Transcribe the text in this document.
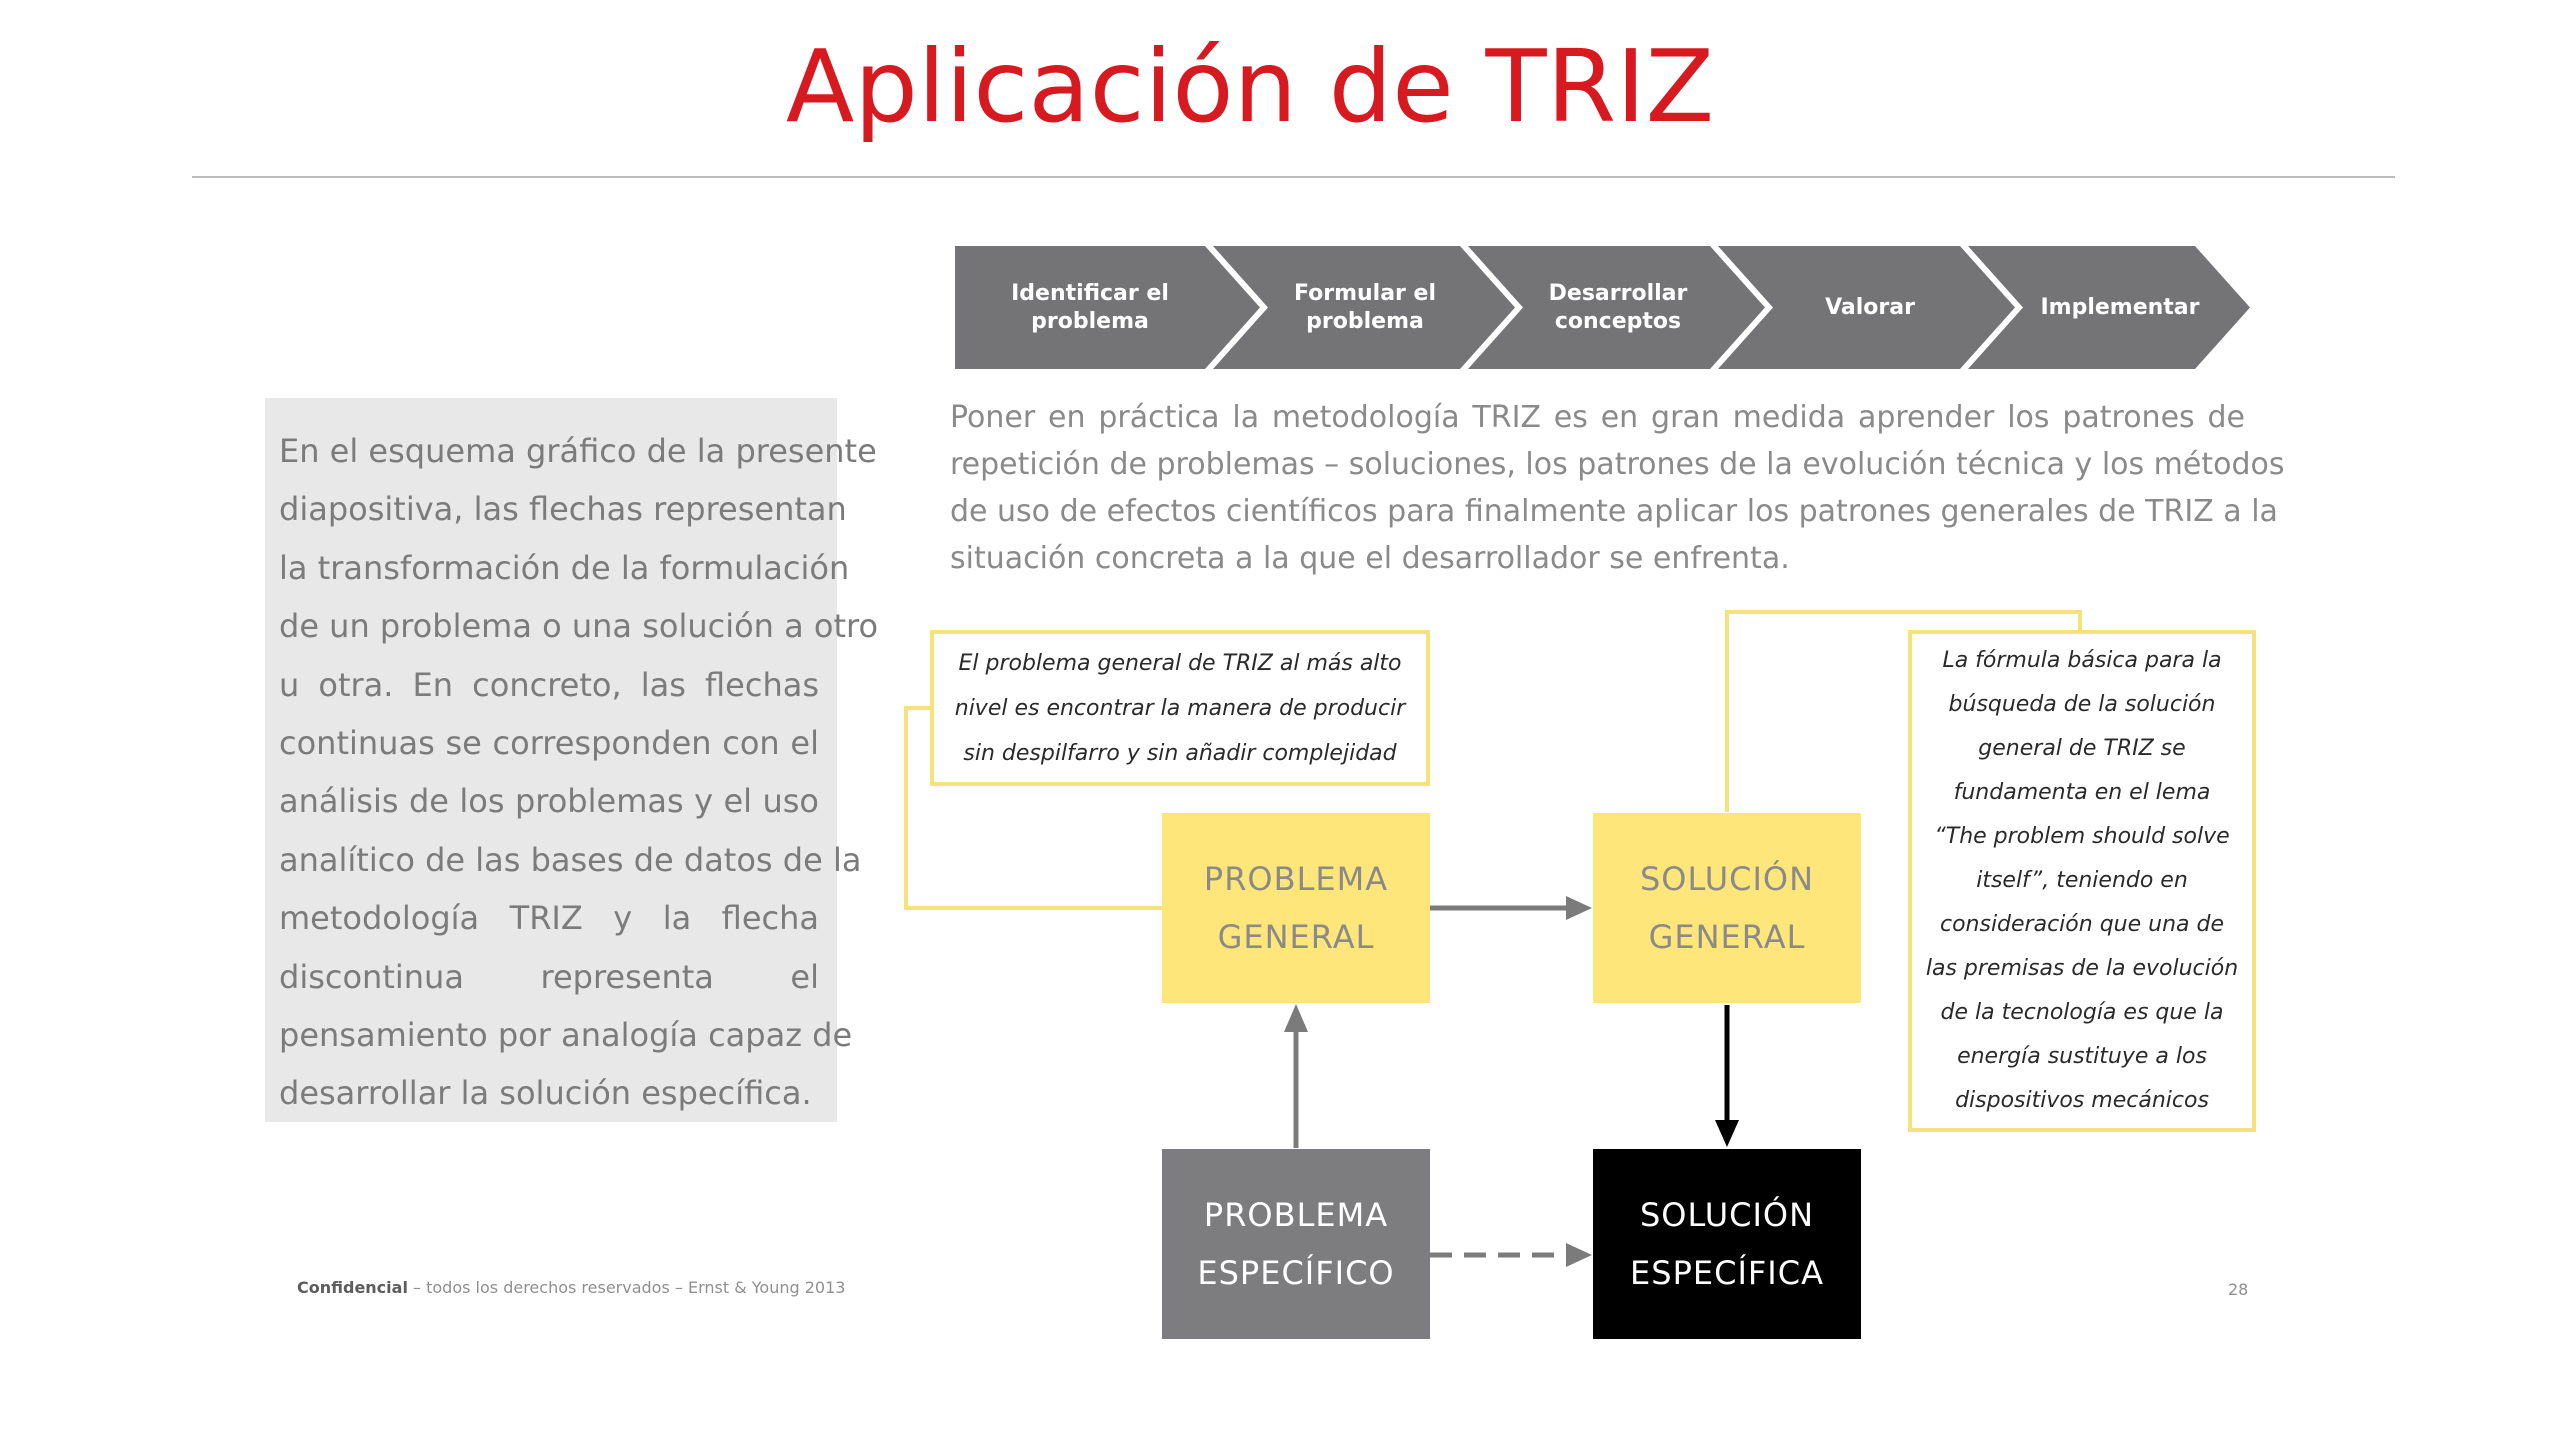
Aplicación de TRIZ
En el esquema gráfico de la presente
diapositiva, las flechas representan
la transformación de la formulación
de un problema o una solución a otro
u otra. En concreto, las flechas
continuas se corresponden con el
análisis de los problemas y el uso
analítico de las bases de datos de la
metodología TRIZ y la flecha
discontinua representa el
pensamiento por analogía capaz de
desarrollar la solución específica.
Identificar el
problema
Formular el
problema
Desarrollar
conceptos
Valorar	Implementar
Poner en práctica la metodología TRIZ es en gran medida aprender los patrones de
repetición de problemas – soluciones, los patrones de la evolución técnica y los métodos
de uso de efectos científicos para finalmente aplicar los patrones generales de TRIZ a la
situación concreta a la que el desarrollador se enfrenta.
El problema general de TRIZ al más alto
nivel es encontrar la manera de producir
sin despilfarro y sin añadir complejidad
La fórmula básica para la
búsqueda de la solución
general de TRIZ se
fundamenta en el lema
“The problem should solve
itself”, teniendo en
consideración que una de
las premisas de la evolución
de la tecnología es que la
energía sustituye a los
dispositivos mecánicos
PROBLEMA
GENERAL
SOLUCIÓN
GENERAL
PROBLEMA
ESPECÍFICO
SOLUCIÓN
ESPECÍFICA
Confidencial – todos los derechos reservados – Ernst & Young 2013	28
